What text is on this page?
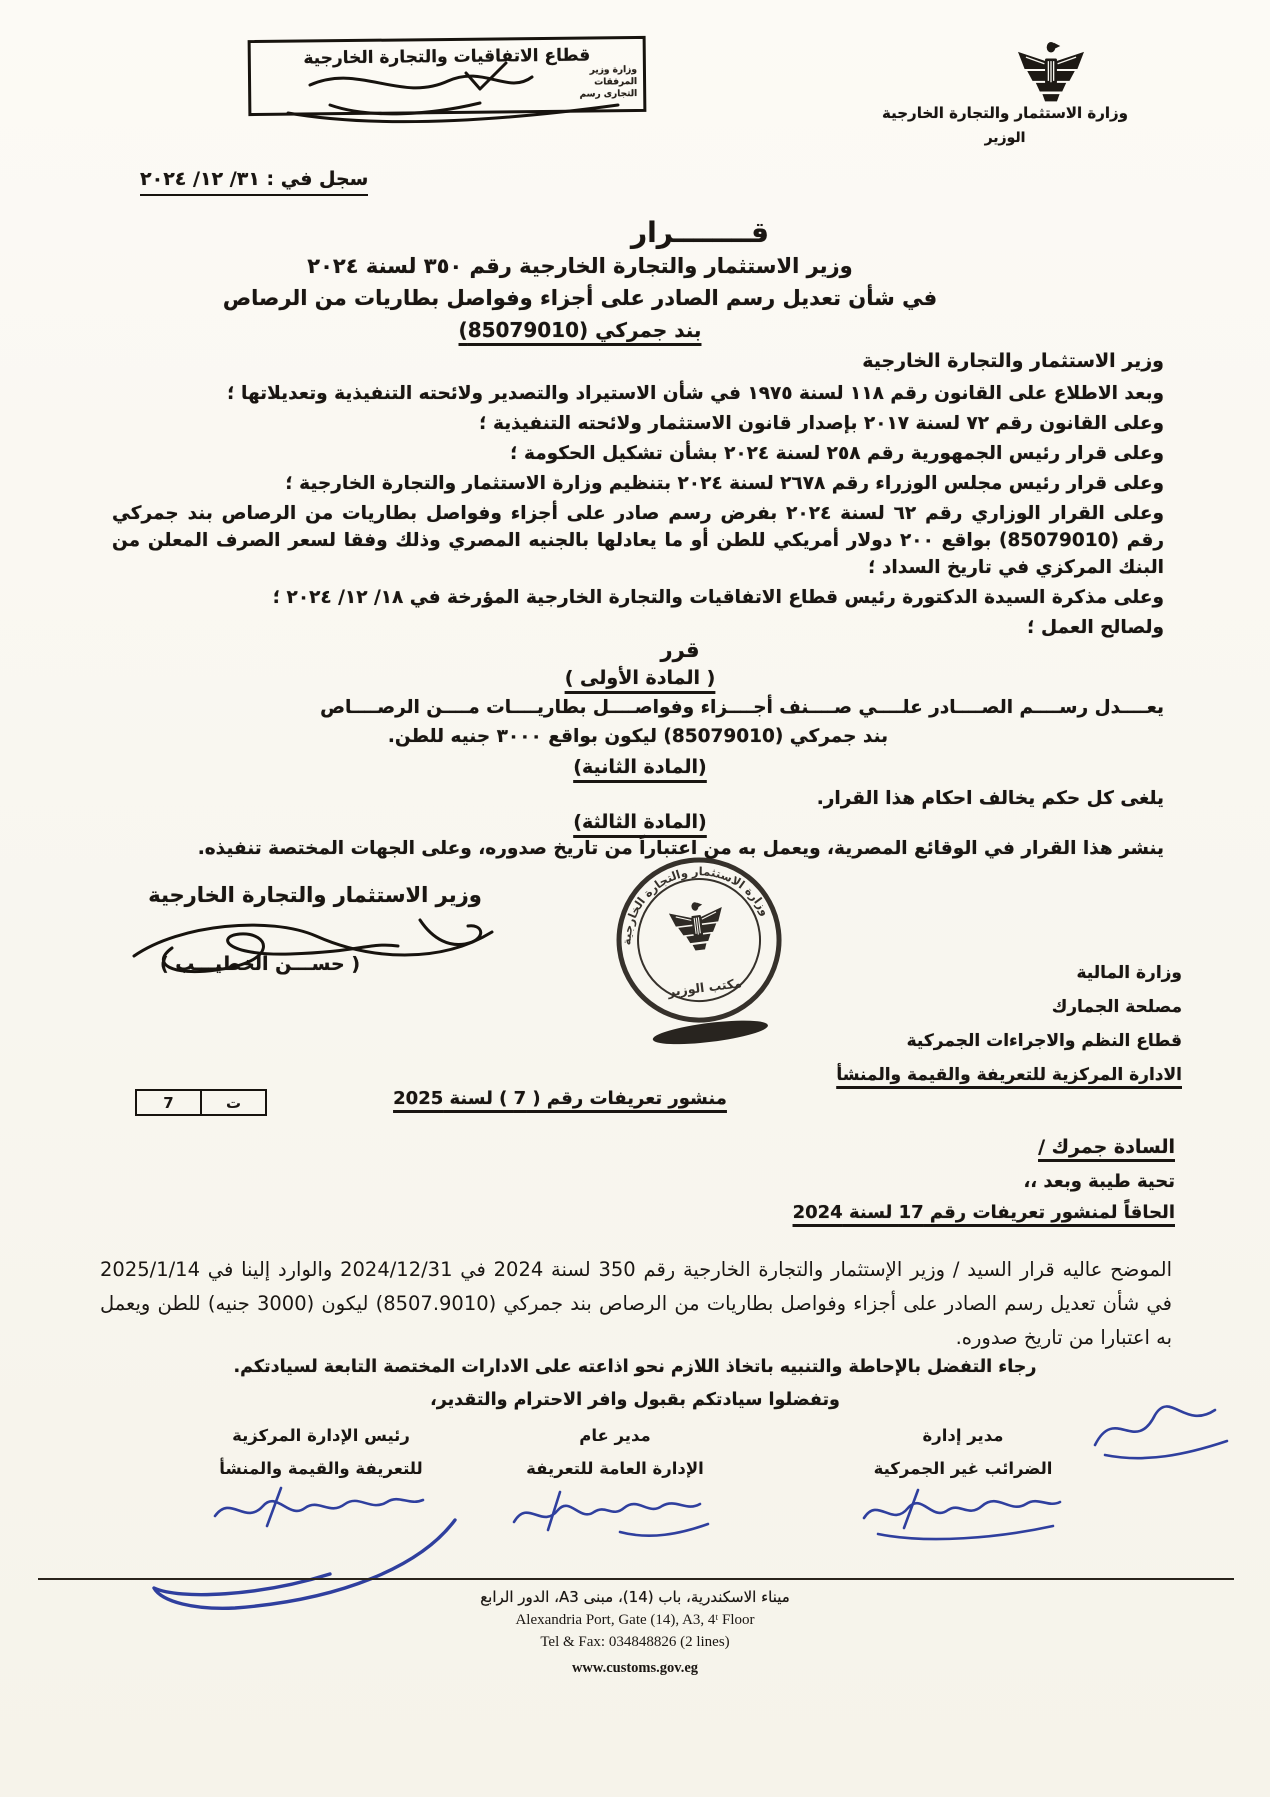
قطاع الاتفاقيات والتجارة الخارجية
وزارة وزير
المرفقات
التجارى رسم
وزارة الاستثمار والتجارة الخارجية
الوزير
سجل في : ٣١/ ١٢/ ٢٠٢٤
قــــــــرار
وزير الاستثمار والتجارة الخارجية رقم ٣٥٠ لسنة ٢٠٢٤
في شأن تعديل رسم الصادر على أجزاء وفواصل بطاريات من الرصاص
بند جمركي (85079010)

وزير الاستثمار والتجارة الخارجية

وبعد الاطلاع على القانون رقم ١١٨ لسنة ١٩٧٥ في شأن الاستيراد والتصدير ولائحته التنفيذية وتعديلاتها ؛

وعلى القانون رقم ٧٢ لسنة ٢٠١٧ بإصدار قانون الاستثمار ولائحته التنفيذية ؛

وعلى قرار رئيس الجمهورية رقم ٢٥٨ لسنة ٢٠٢٤ بشأن تشكيل الحكومة ؛

وعلى قرار رئيس مجلس الوزراء رقم ٢٦٧٨ لسنة ٢٠٢٤ بتنظيم وزارة الاستثمار والتجارة الخارجية ؛

وعلى القرار الوزاري رقم ٦٢ لسنة ٢٠٢٤ بفرض رسم صادر على أجزاء وفواصل بطاريات من الرصاص بند جمركي رقم (85079010) بواقع ٢٠٠ دولار أمريكي للطن أو ما يعادلها بالجنيه المصري وذلك وفقا لسعر الصرف المعلن من البنك المركزي في تاريخ السداد ؛

وعلى مذكرة السيدة الدكتورة رئيس قطاع الاتفاقيات والتجارة الخارجية المؤرخة في ١٨/ ١٢/ ٢٠٢٤ ؛

ولصالح العمل ؛

قرر
( المادة الأولى )
يعــــدل رســــم الصــــادر علــــي صــــنف أجــــزاء وفواصــــل بطاريــــات مــــن الرصــــاص
بند جمركي (85079010) ليكون بواقع ٣٠٠٠ جنيه للطن.
(المادة الثانية)
يلغى كل حكم يخالف احكام هذا القرار.
(المادة الثالثة)
ينشر هذا القرار في الوقائع المصرية، ويعمل به من اعتباراً من تاريخ صدوره، وعلى الجهات المختصة تنفيذه.
وزير الاستثمار والتجارة الخارجية
( حســـن الخطيـــب )
وزارة الاستثمار والتجارة الخارجية
مكتب الوزير

وزارة المالية

مصلحة الجمارك

قطاع النظم والاجراءات الجمركية

الادارة المركزية للتعريفة والقيمة والمنشأ

ت
7	منشور تعريفات رقم ( 7 ) لسنة 2025
السادة جمرك /
تحية طيبة وبعد ،،
الحاقاً لمنشور تعريفات رقم 17 لسنة 2024
الموضح عاليه قرار السيد / وزير الإستثمار والتجارة الخارجية رقم 350 لسنة 2024 في 2024/12/31 والوارد إلينا في 2025/1/14 في شأن تعديل رسم الصادر على أجزاء وفواصل بطاريات من الرصاص بند جمركي (8507.9010) ليكون (3000 جنيه) للطن ويعمل به اعتبارا من تاريخ صدوره.
رجاء التفضل بالإحاطة والتنبيه باتخاذ اللازم نحو اذاعته على الادارات المختصة التابعة لسيادتكم.
وتفضلوا سيادتكم بقبول وافر الاحترام والتقدير،
مدير إدارة
الضرائب غير الجمركية
مدير عام
الإدارة العامة للتعريفة
رئيس الإدارة المركزية
للتعريفة والقيمة والمنشأ
ميناء الاسكندرية، باب (14)، مبنى A3، الدور الرابع
Alexandria Port, Gate (14), A3, 4ᵗ Floor
Tel & Fax: 034848826 (2 lines)
www.customs.gov.eg
